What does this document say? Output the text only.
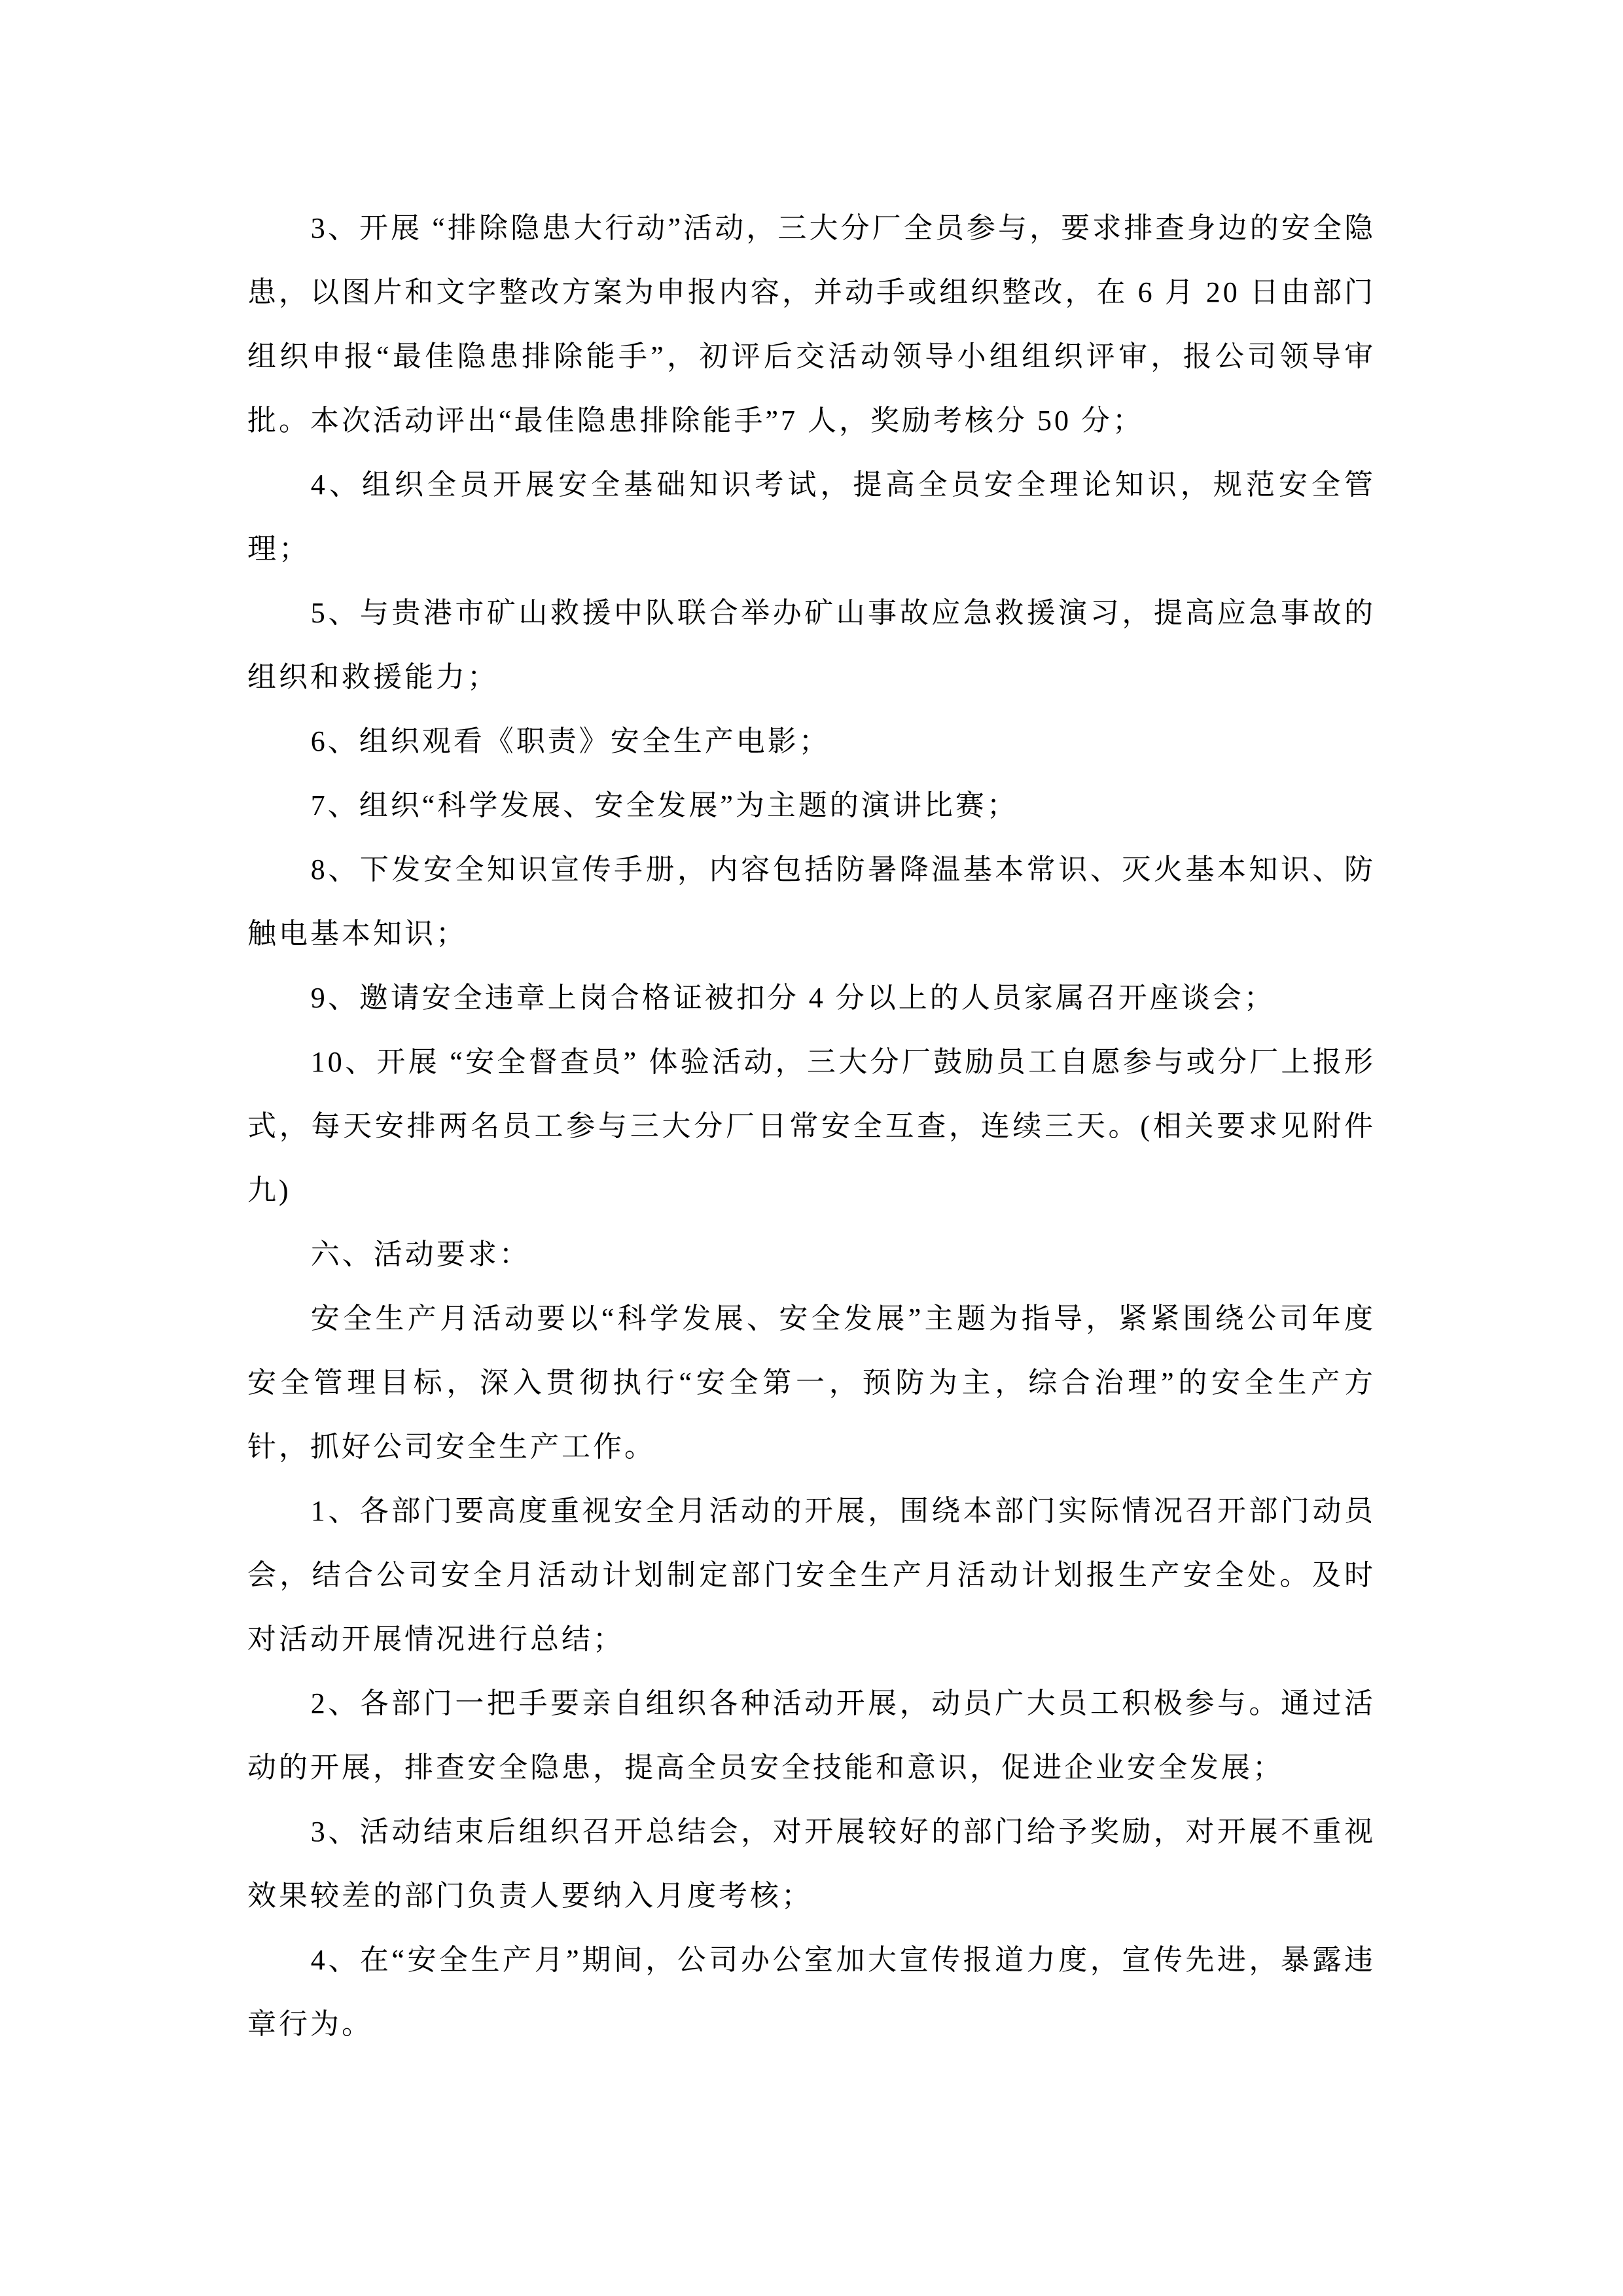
3、开展 “排除隐患大行动”活动，三大分厂全员参与，要求排查身边的安全隐患，以图片和文字整改方案为申报内容，并动手或组织整改，在 6 月 20 日由部门组织申报“最佳隐患排除能手”，初评后交活动领导小组组织评审，报公司领导审批。本次活动评出“最佳隐患排除能手”7 人，奖励考核分 50 分；

4、组织全员开展安全基础知识考试，提高全员安全理论知识，规范安全管理；

5、与贵港市矿山救援中队联合举办矿山事故应急救援演习，提高应急事故的组织和救援能力；

6、组织观看《职责》安全生产电影；

7、组织“科学发展、安全发展”为主题的演讲比赛；

8、下发安全知识宣传手册，内容包括防暑降温基本常识、灭火基本知识、防触电基本知识；

9、邀请安全违章上岗合格证被扣分 4 分以上的人员家属召开座谈会；

10、开展 “安全督查员” 体验活动，三大分厂鼓励员工自愿参与或分厂上报形式，每天安排两名员工参与三大分厂日常安全互查，连续三天。(相关要求见附件九)

六、活动要求：

安全生产月活动要以“科学发展、安全发展”主题为指导，紧紧围绕公司年度安全管理目标，深入贯彻执行“安全第一，预防为主，综合治理”的安全生产方针，抓好公司安全生产工作。

1、各部门要高度重视安全月活动的开展，围绕本部门实际情况召开部门动员会，结合公司安全月活动计划制定部门安全生产月活动计划报生产安全处。及时对活动开展情况进行总结；

2、各部门一把手要亲自组织各种活动开展，动员广大员工积极参与。通过活动的开展，排查安全隐患，提高全员安全技能和意识，促进企业安全发展；

3、活动结束后组织召开总结会，对开展较好的部门给予奖励，对开展不重视效果较差的部门负责人要纳入月度考核；

4、在“安全生产月”期间，公司办公室加大宣传报道力度，宣传先进，暴露违章行为。
